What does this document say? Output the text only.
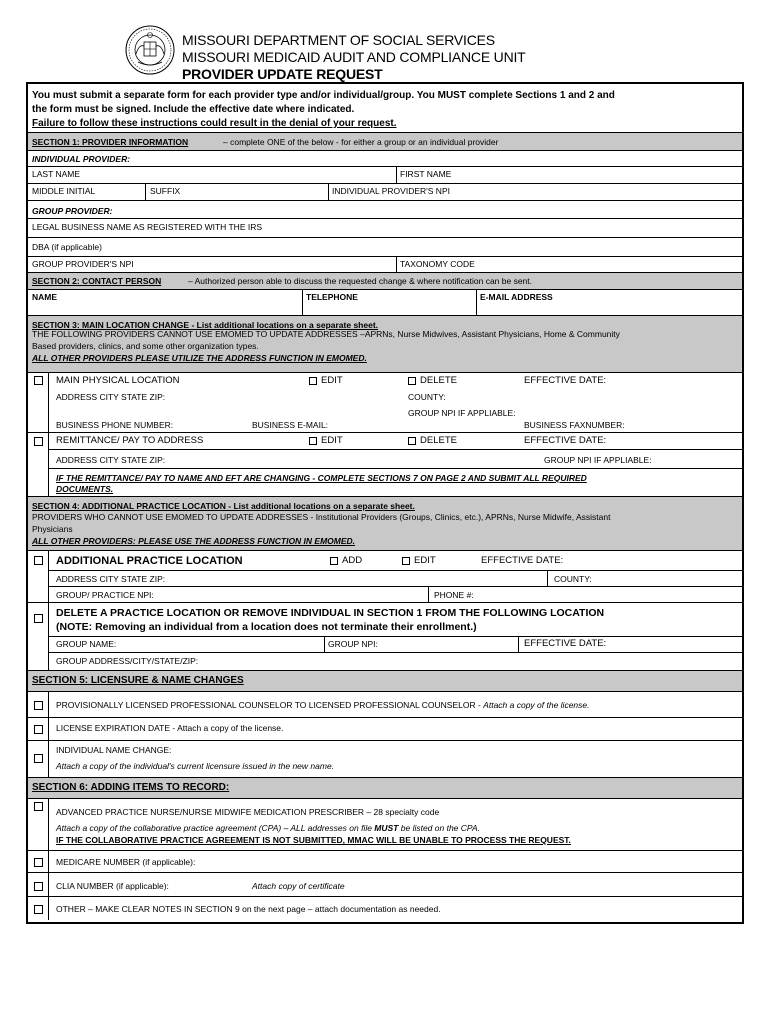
MISSOURI DEPARTMENT OF SOCIAL SERVICES
MISSOURI MEDICAID AUDIT AND COMPLIANCE UNIT
PROVIDER UPDATE REQUEST
You must submit a separate form for each provider type and/or individual/group. You MUST complete Sections 1 and 2 and
the form must be signed. Include the effective date where indicated.
Failure to follow these instructions could result in the denial of your request.
SECTION 1: PROVIDER INFORMATION	– complete ONE of the below - for either a group or an individual provider
INDIVIDUAL PROVIDER:
LAST NAME	FIRST NAME
MIDDLE INITIAL	SUFFIX	INDIVIDUAL PROVIDER'S NPI
GROUP PROVIDER:
LEGAL BUSINESS NAME AS REGISTERED WITH THE IRS
DBA (if applicable)
GROUP PROVIDER'S NPI	TAXONOMY CODE
SECTION 2: CONTACT PERSON	– Authorized person able to discuss the requested change & where notification can be sent.
NAME	TELEPHONE	E-MAIL ADDRESS
SECTION 3: MAIN LOCATION CHANGE - List additional locations on a separate sheet.
THE FOLLOWING PROVIDERS CANNOT USE EMOMED TO UPDATE ADDRESSES –APRNs, Nurse Midwives, Assistant Physicians, Home & Community
Based providers, clinics, and some other organization types.
ALL OTHER PROVIDERS PLEASE UTILIZE THE ADDRESS FUNCTION IN EMOMED.
MAIN PHYSICAL LOCATION	EDIT	DELETE	EFFECTIVE DATE:
ADDRESS CITY STATE ZIP:	COUNTY:
GROUP NPI IF APPLIABLE:
BUSINESS PHONE NUMBER:	BUSINESS E-MAIL:	BUSINESS FAXNUMBER:
REMITTANCE/ PAY TO ADDRESS	EDIT	DELETE	EFFECTIVE DATE:
ADDRESS CITY STATE ZIP:	GROUP NPI IF APPLIABLE:
IF THE REMITTANCE/ PAY TO NAME AND EFT ARE CHANGING - COMPLETE SECTIONS 7 ON PAGE 2 AND SUBMIT ALL REQUIRED
DOCUMENTS.
SECTION 4: ADDITIONAL PRACTICE LOCATION - List additional locations on a separate sheet.
PROVIDERS WHO CANNOT USE EMOMED TO UPDATE ADDRESSES - Institutional Providers (Groups, Clinics, etc.), APRNs, Nurse Midwife, Assistant
Physicians
ALL OTHER PROVIDERS: PLEASE USE THE ADDRESS FUNCTION IN EMOMED.
ADDITIONAL PRACTICE LOCATION	ADD	EDIT	EFFECTIVE DATE:
ADDRESS CITY STATE ZIP:	COUNTY:
GROUP/ PRACTICE NPI:	PHONE #:
DELETE A PRACTICE LOCATION OR REMOVE INDIVIDUAL IN SECTION 1 FROM THE FOLLOWING LOCATION
(NOTE: Removing an individual from a location does not terminate their enrollment.)
GROUP NAME:	GROUP NPI:	EFFECTIVE DATE:
GROUP ADDRESS/CITY/STATE/ZIP:
SECTION 5: LICENSURE & NAME CHANGES
PROVISIONALLY LICENSED PROFESSIONAL COUNSELOR TO LICENSED PROFESSIONAL COUNSELOR - Attach a copy of the license.
LICENSE EXPIRATION DATE - Attach a copy of the license.
INDIVIDUAL NAME CHANGE:
Attach a copy of the individual's current licensure issued in the new name.
SECTION 6: ADDING ITEMS TO RECORD:
ADVANCED PRACTICE NURSE/NURSE MIDWIFE MEDICATION PRESCRIBER – 28 specialty code
Attach a copy of the collaborative practice agreement (CPA) – ALL addresses on file MUST be listed on the CPA.
IF THE COLLABORATIVE PRACTICE AGREEMENT IS NOT SUBMITTED, MMAC WILL BE UNABLE TO PROCESS THE REQUEST.
MEDICARE NUMBER (if applicable):
CLIA NUMBER (if applicable):	Attach copy of certificate
OTHER – MAKE CLEAR NOTES IN SECTION 9 on the next page – attach documentation as needed.
